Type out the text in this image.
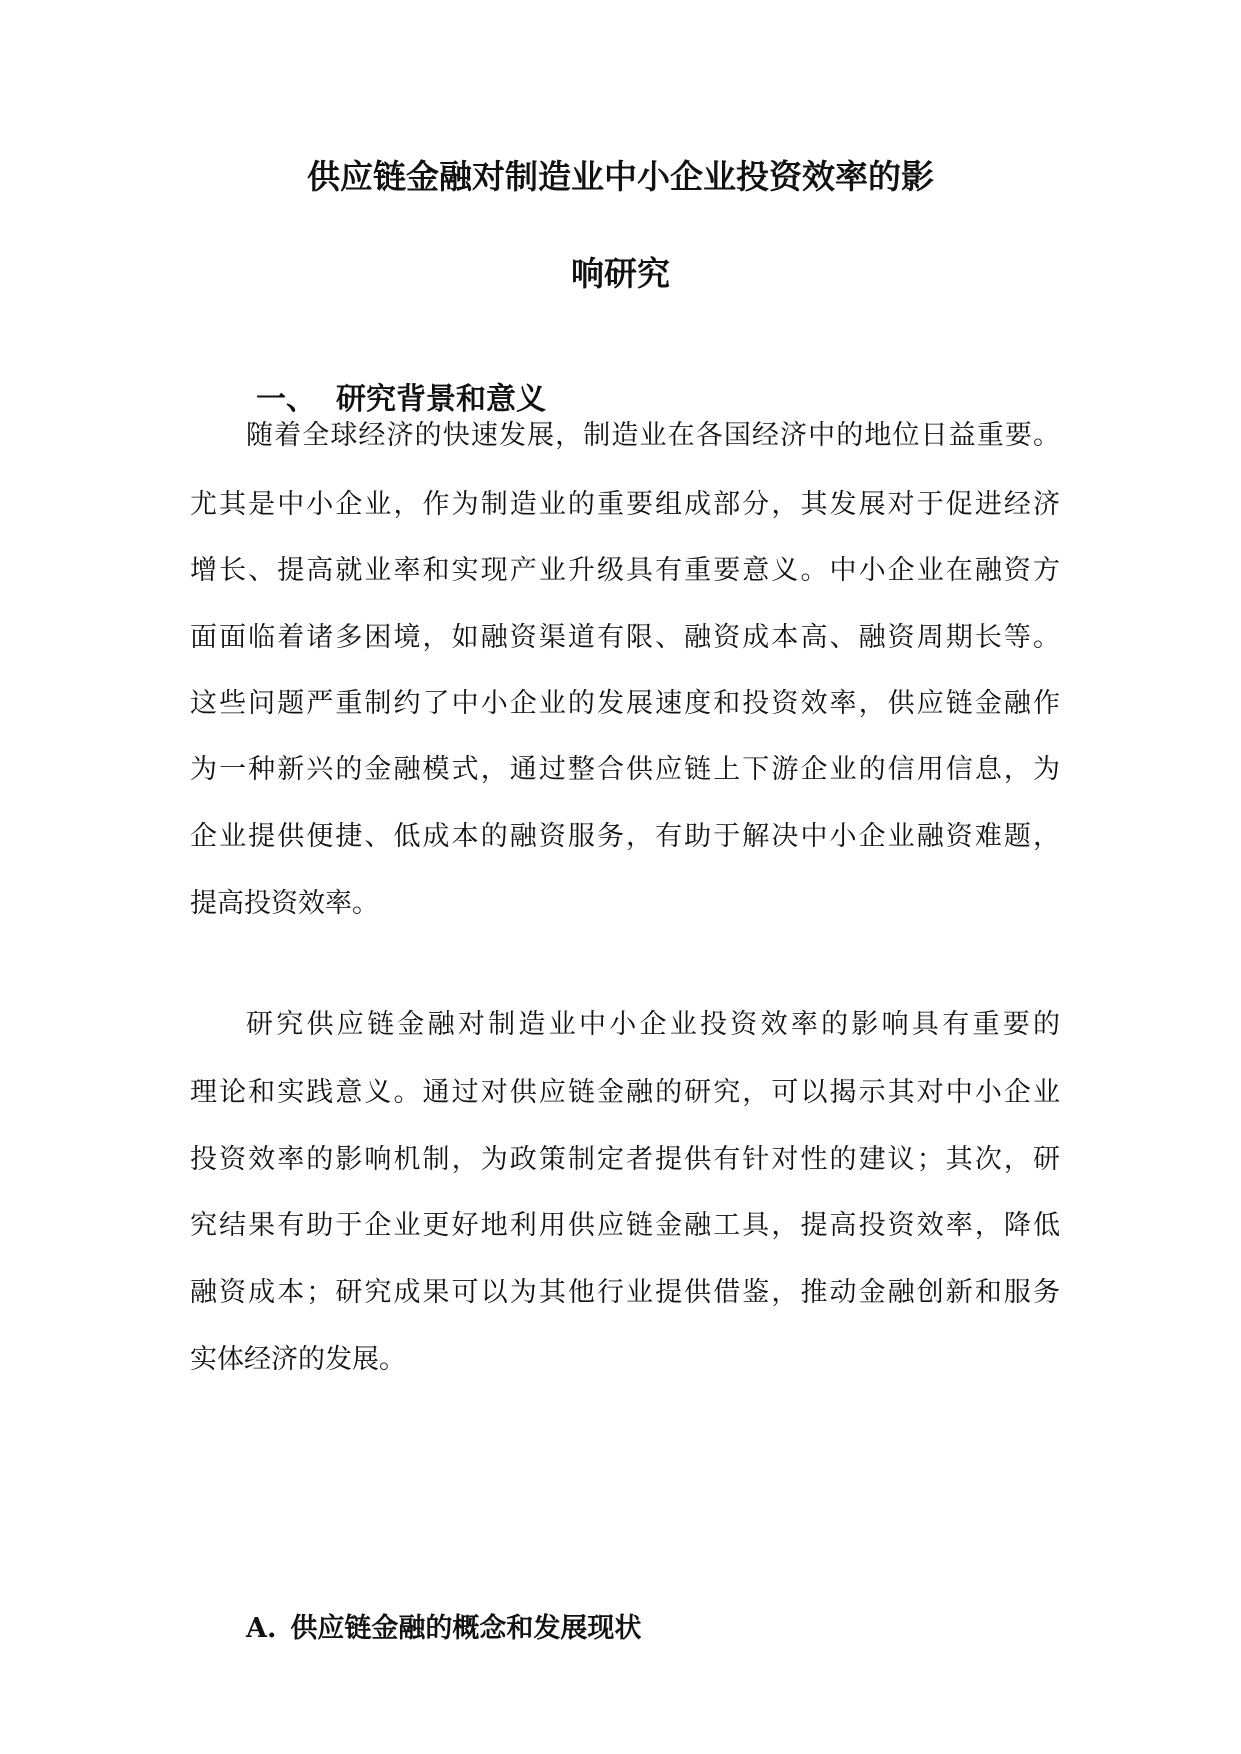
供应链金融对制造业中小企业投资效率的影
响研究
一、 研究背景和意义
随着全球经济的快速发展，制造业在各国经济中的地位日益重要。
尤其是中小企业，作为制造业的重要组成部分，其发展对于促进经济
增长、提高就业率和实现产业升级具有重要意义。中小企业在融资方
面面临着诸多困境，如融资渠道有限、融资成本高、融资周期长等。
这些问题严重制约了中小企业的发展速度和投资效率，供应链金融作
为一种新兴的金融模式，通过整合供应链上下游企业的信用信息，为
企业提供便捷、低成本的融资服务，有助于解决中小企业融资难题，
提高投资效率。
研究供应链金融对制造业中小企业投资效率的影响具有重要的
理论和实践意义。通过对供应链金融的研究，可以揭示其对中小企业
投资效率的影响机制，为政策制定者提供有针对性的建议；其次，研
究结果有助于企业更好地利用供应链金融工具，提高投资效率，降低
融资成本；研究成果可以为其他行业提供借鉴，推动金融创新和服务
实体经济的发展。
A. 供应链金融的概念和发展现状
